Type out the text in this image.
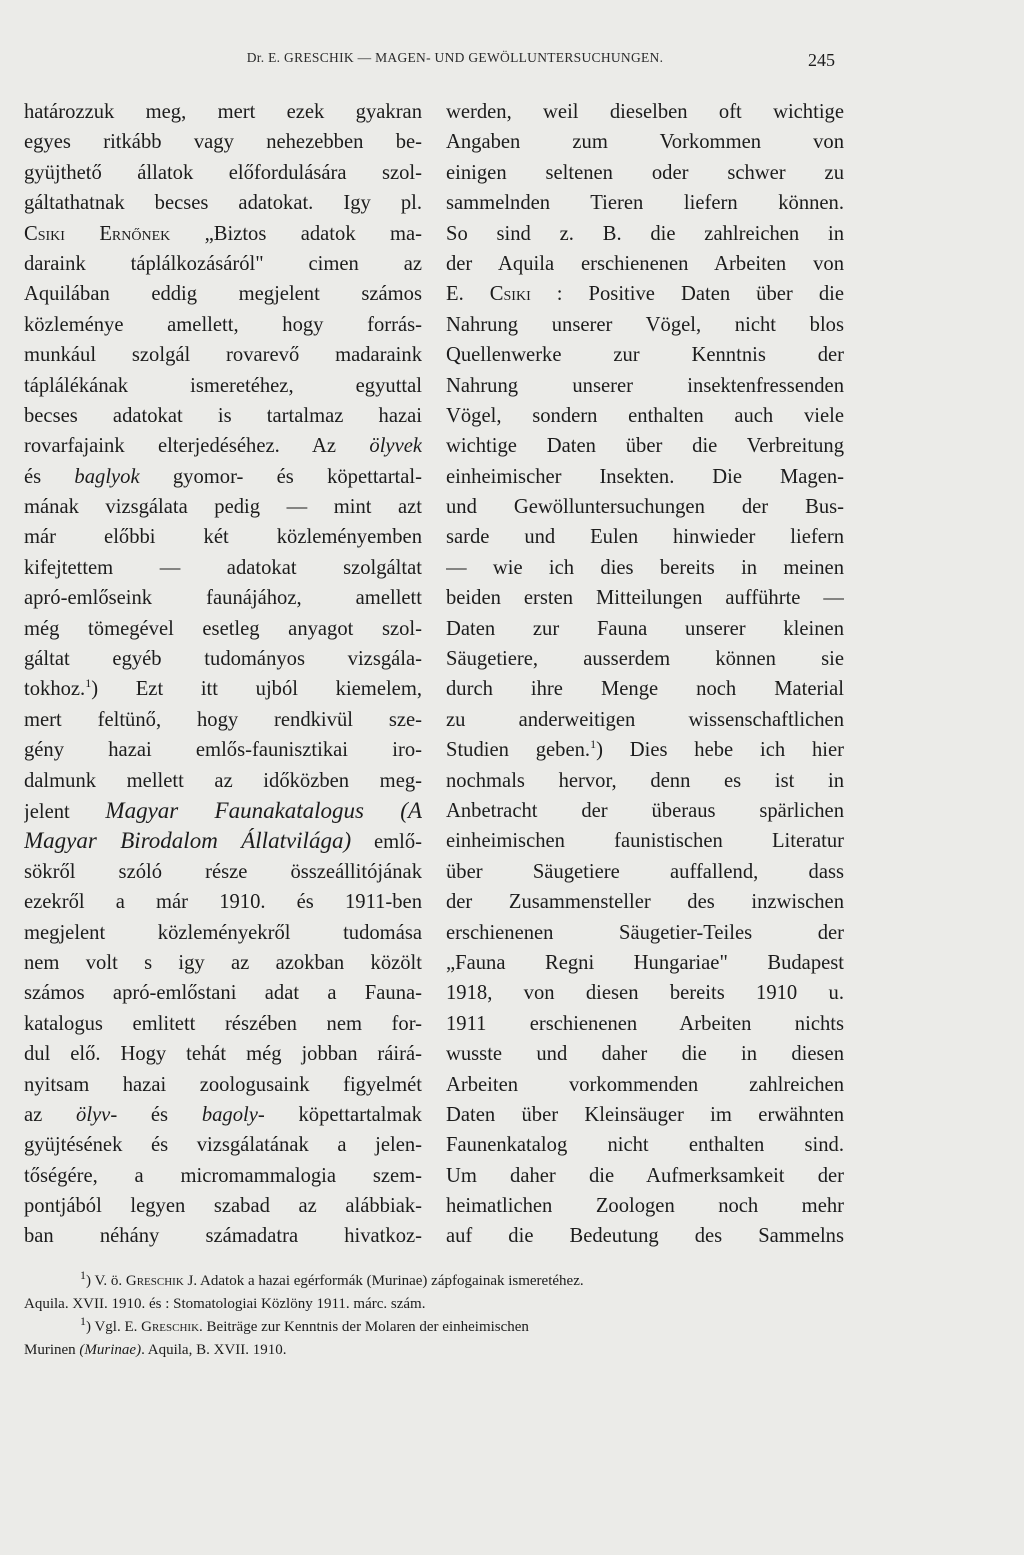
Dr. E. GRESCHIK — MAGEN- UND GEWÖLLUNTERSUCHUNGEN.	245
határozzuk meg, mert ezek gyakran
egyes ritkább vagy nehezebben be-
gyüjthető állatok előfordulására szol-
gáltathatnak becses adatokat. Igy pl.
Csiki Ernőnek „Biztos adatok ma-
daraink táplálkozásáról" cimen az
Aquilában eddig megjelent számos
közleménye amellett, hogy forrás-
munkául szolgál rovarevő madaraink
táplálékának ismeretéhez, egyuttal
becses adatokat is tartalmaz hazai
rovarfajaink elterjedéséhez. Az ölyvek
és baglyok gyomor- és köpettartal-
mának vizsgálata pedig — mint azt
már előbbi két közleményemben
kifejtettem — adatokat szolgáltat
apró-emlőseink faunájához, amellett
még tömegével esetleg anyagot szol-
gáltat egyéb tudományos vizsgála-
tokhoz.$^1$) Ezt itt ujból kiemelem,
mert feltünő, hogy rendkivül sze-
gény hazai emlős-faunisztikai iro-
dalmunk mellett az időközben meg-
jelent Magyar Faunakatalogus (A
Magyar Birodalom Állatvilága) emlő-
sökről szóló része összeállitójának
ezekről a már 1910. és 1911-ben
megjelent közleményekről tudomása
nem volt s igy az azokban közölt
számos apró-emlőstani adat a Fauna-
katalogus emlitett részében nem for-
dul elő. Hogy tehát még jobban ráirá-
nyitsam hazai zoologusaink figyelmét
az ölyv- és bagoly- köpettartalmak
gyüjtésének és vizsgálatának a jelen-
tőségére, a micromammalogia szem-
pontjából legyen szabad az alábbiak-
ban néhány számadatra hivatkoz-
werden, weil dieselben oft wichtige
Angaben zum Vorkommen von
einigen seltenen oder schwer zu
sammelnden Tieren liefern können.
So sind z. B. die zahlreichen in
der Aquila erschienenen Arbeiten von
E. Csiki : Positive Daten über die
Nahrung unserer Vögel, nicht blos
Quellenwerke zur Kenntnis der
Nahrung unserer insektenfressenden
Vögel, sondern enthalten auch viele
wichtige Daten über die Verbreitung
einheimischer Insekten. Die Magen-
und Gewölluntersuchungen der Bus-
sarde und Eulen hinwieder liefern
— wie ich dies bereits in meinen
beiden ersten Mitteilungen aufführte —
Daten zur Fauna unserer kleinen
Säugetiere, ausserdem können sie
durch ihre Menge noch Material
zu anderweitigen wissenschaftlichen
Studien geben.$^1$) Dies hebe ich hier
nochmals hervor, denn es ist in
Anbetracht der überaus spärlichen
einheimischen faunistischen Literatur
über Säugetiere auffallend, dass
der Zusammensteller des inzwischen
erschienenen Säugetier-Teiles der
„Fauna Regni Hungariae" Budapest
1918, von diesen bereits 1910 u.
1911 erschienenen Arbeiten nichts
wusste und daher die in diesen
Arbeiten vorkommenden zahlreichen
Daten über Kleinsäuger im erwähnten
Faunenkatalog nicht enthalten sind.
Um daher die Aufmerksamkeit der
heimatlichen Zoologen noch mehr
auf die Bedeutung des Sammelns
$^1$) V. ö. Greschik J. Adatok a hazai egérformák (Murinae) zápfogainak ismeretéhez.
Aquila. XVII. 1910. és : Stomatologiai Közlöny 1911. márc. szám.
$^1$) Vgl. E. Greschik. Beiträge zur Kenntnis der Molaren der einheimischen
Murinen (Murinae). Aquila, B. XVII. 1910.
